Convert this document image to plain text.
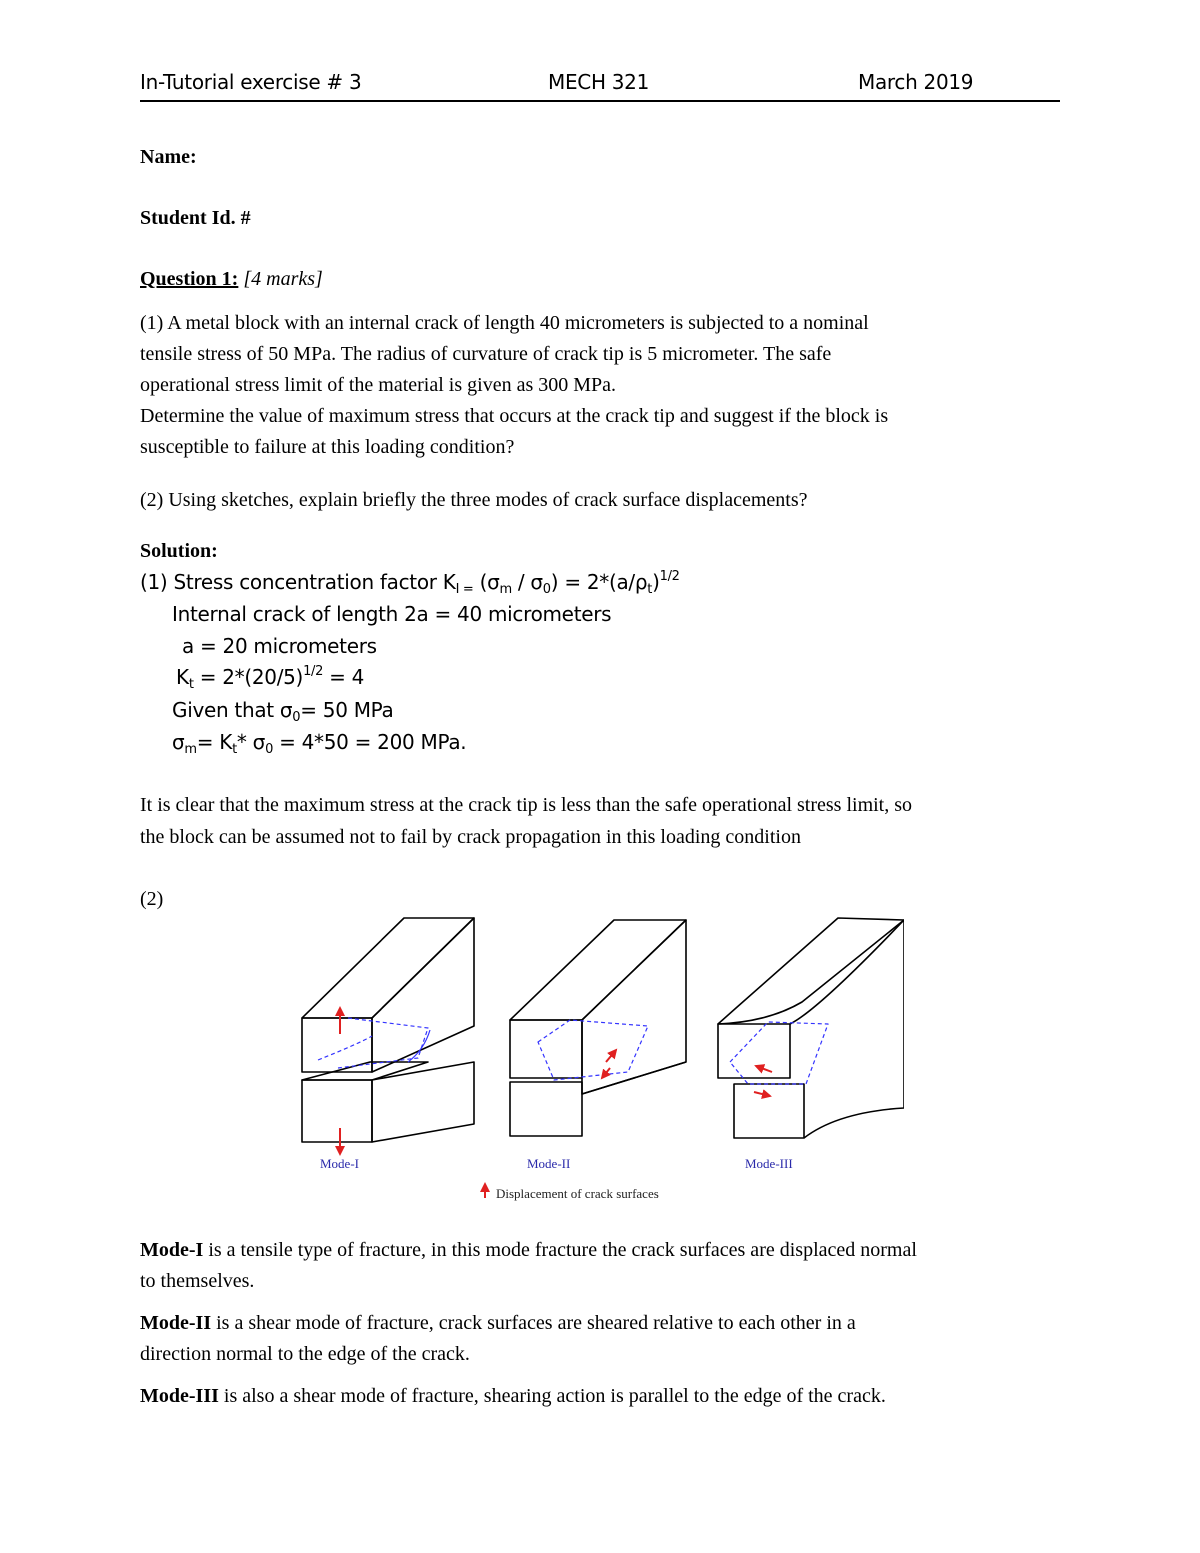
In-Tutorial exercise # 3	MECH 321	March 2019
Name:
Student Id. #
Question 1: [4 marks]
(1) A metal block with an internal crack of length 40 micrometers is subjected to a nominal
tensile stress of 50 MPa. The radius of curvature of crack tip is 5 micrometer. The safe
operational stress limit of the material is given as 300 MPa.
Determine the value of maximum stress that occurs at the crack tip and suggest if the block is
susceptible to failure at this loading condition?
(2) Using sketches, explain briefly the three modes of crack surface displacements?
Solution:
(1) Stress concentration factor $K_{I =}$ $(\sigma_m / \sigma_0) = 2*(a/\rho_t)^{1/2}$
Internal crack of length 2a = 40 micrometers
a = 20 micrometers
$K_t = 2*(20/5)^{1/2} = 4$
Given that $\sigma_0= 50$ MPa
$\sigma_m= K_t*$ $\sigma_0 = 4*50 = 200$ MPa.
It is clear that the maximum stress at the crack tip is less than the safe operational stress limit, so
the block can be assumed not to fail by crack propagation in this loading condition
(2)
Mode-I	Mode-II	Mode-III
Displacement of crack surfaces
Mode-I is a tensile type of fracture, in this mode fracture the crack surfaces are displaced normal
to themselves.
Mode-II is a shear mode of fracture, crack surfaces are sheared relative to each other in a
direction normal to the edge of the crack.
Mode-III is also a shear mode of fracture, shearing action is parallel to the edge of the crack.
